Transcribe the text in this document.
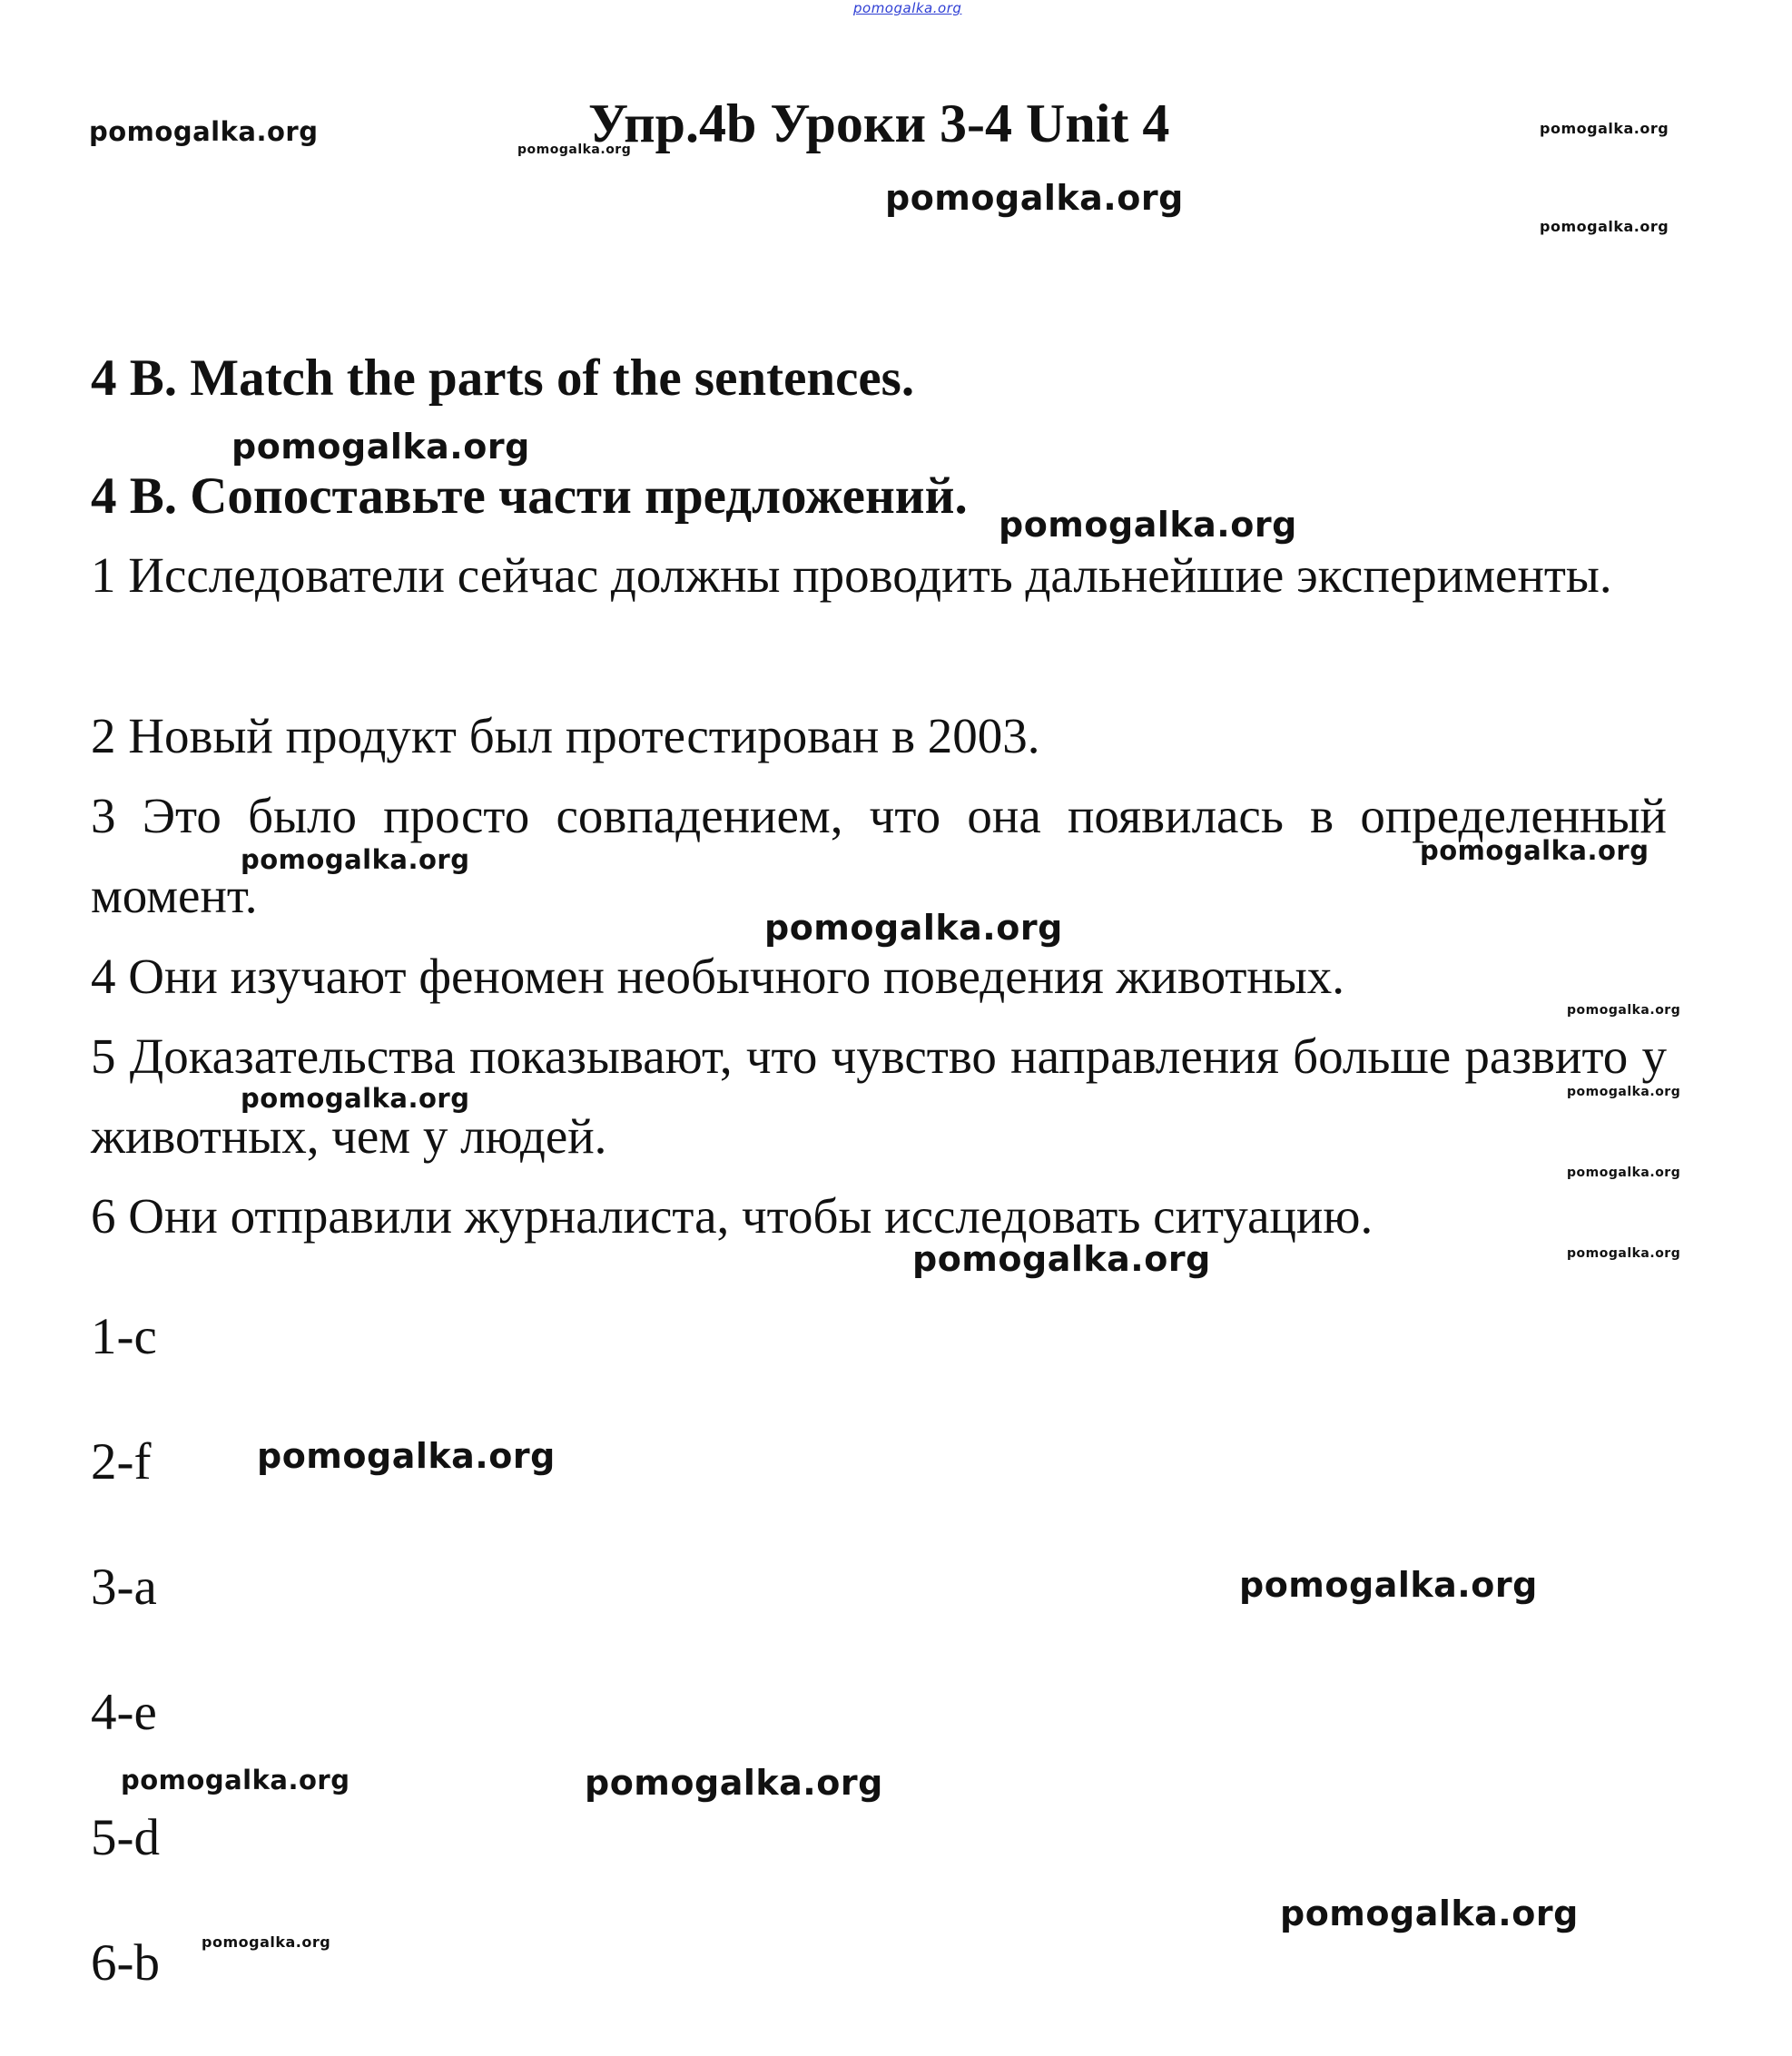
pomogalka.org
pomogalka.org
pomogalka.org
Упр.4b Уроки 3-4 Unit 4	pomogalka.org
pomogalka.org
pomogalka.org
4 B. Match the parts of the sentences.
pomogalka.org
4 B. Сопоставьте части предложений. pomogalka.org
1 Исследователи сейчас должны проводить дальнейшие эксперименты.
2 Новый продукт был протестирован в 2003.
3 Это было просто совпадением, что она появилась в определенный момент.
pomogalka.org	pomogalka.org
pomogalka.org
4 Они изучают феномен необычного поведения животных.
pomogalka.org
5 Доказательства показывают, что чувство направления больше развито у животных, чем у людей.
pomogalka.org	pomogalka.org
pomogalka.org
6 Они отправили журналиста, чтобы исследовать ситуацию.
pomogalka.org
pomogalka.org
1-c
2-f	pomogalka.org
3-a	pomogalka.org
4-e
pomogalka.org	pomogalka.org
5-d
6-b	pomogalka.org
pomogalka.org
